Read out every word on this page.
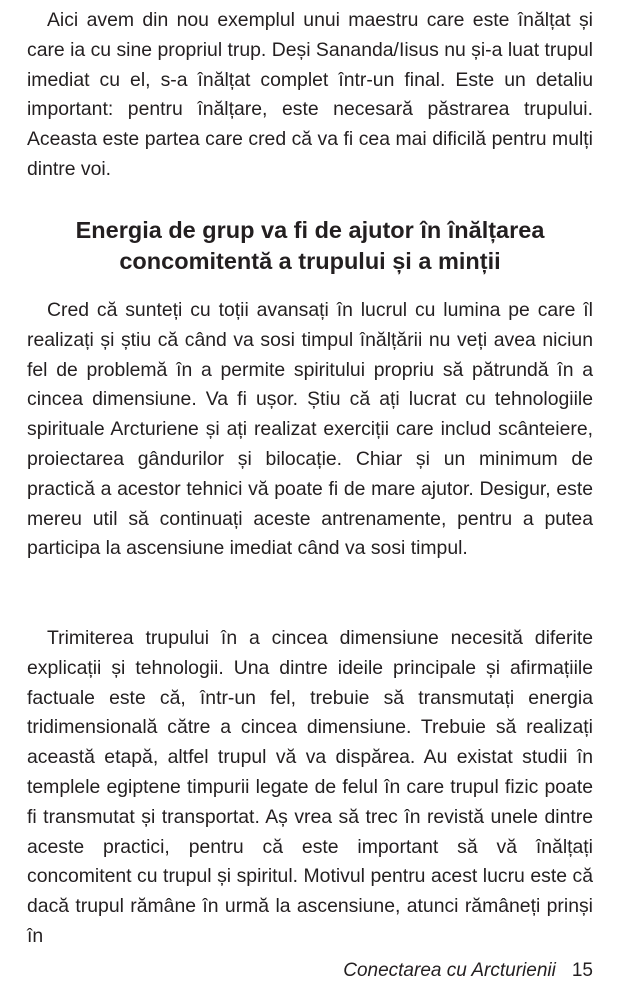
Aici avem din nou exemplul unui maestru care este înălțat și care ia cu sine propriul trup. Deși Sananda/Iisus nu și-a luat trupul imediat cu el, s-a înălțat complet într-un final. Este un detaliu important: pentru înălțare, este necesară păstrarea trupului. Aceasta este partea care cred că va fi cea mai dificilă pentru mulți dintre voi.

Energia de grup va fi de ajutor în înălțarea
concomitentă a trupului și a minții

Cred că sunteți cu toții avansați în lucrul cu lumina pe care îl realizați și știu că când va sosi timpul înălțării nu veți avea niciun fel de problemă în a permite spiritului propriu să pătrundă în a cincea dimensiune. Va fi ușor. Știu că ați lucrat cu tehnologiile spirituale Arcturiene și ați realizat exerciții care includ scânteiere, proiectarea gândurilor și bilocație. Chiar și un minimum de practică a acestor tehnici vă poate fi de mare ajutor. Desigur, este mereu util să continuați aceste antrenamente, pentru a putea participa la ascensiune imediat când va sosi timpul.

Trimiterea trupului în a cincea dimensiune necesită diferite explicații și tehnologii. Una dintre ideile principale și afirmațiile factuale este că, într-un fel, trebuie să transmutați energia tridimensională către a cincea dimensiune. Trebuie să realizați această etapă, altfel trupul vă va dispărea. Au existat studii în templele egiptene timpurii legate de felul în care trupul fizic poate fi transmutat și transportat. Aș vrea să trec în revistă unele dintre aceste practici, pentru că este important să vă înălțați concomitent cu trupul și spiritul. Motivul pentru acest lucru este că dacă trupul rămâne în urmă la ascensiune, atunci rămâneți prinși în

Conectarea cu Arcturienii 15
